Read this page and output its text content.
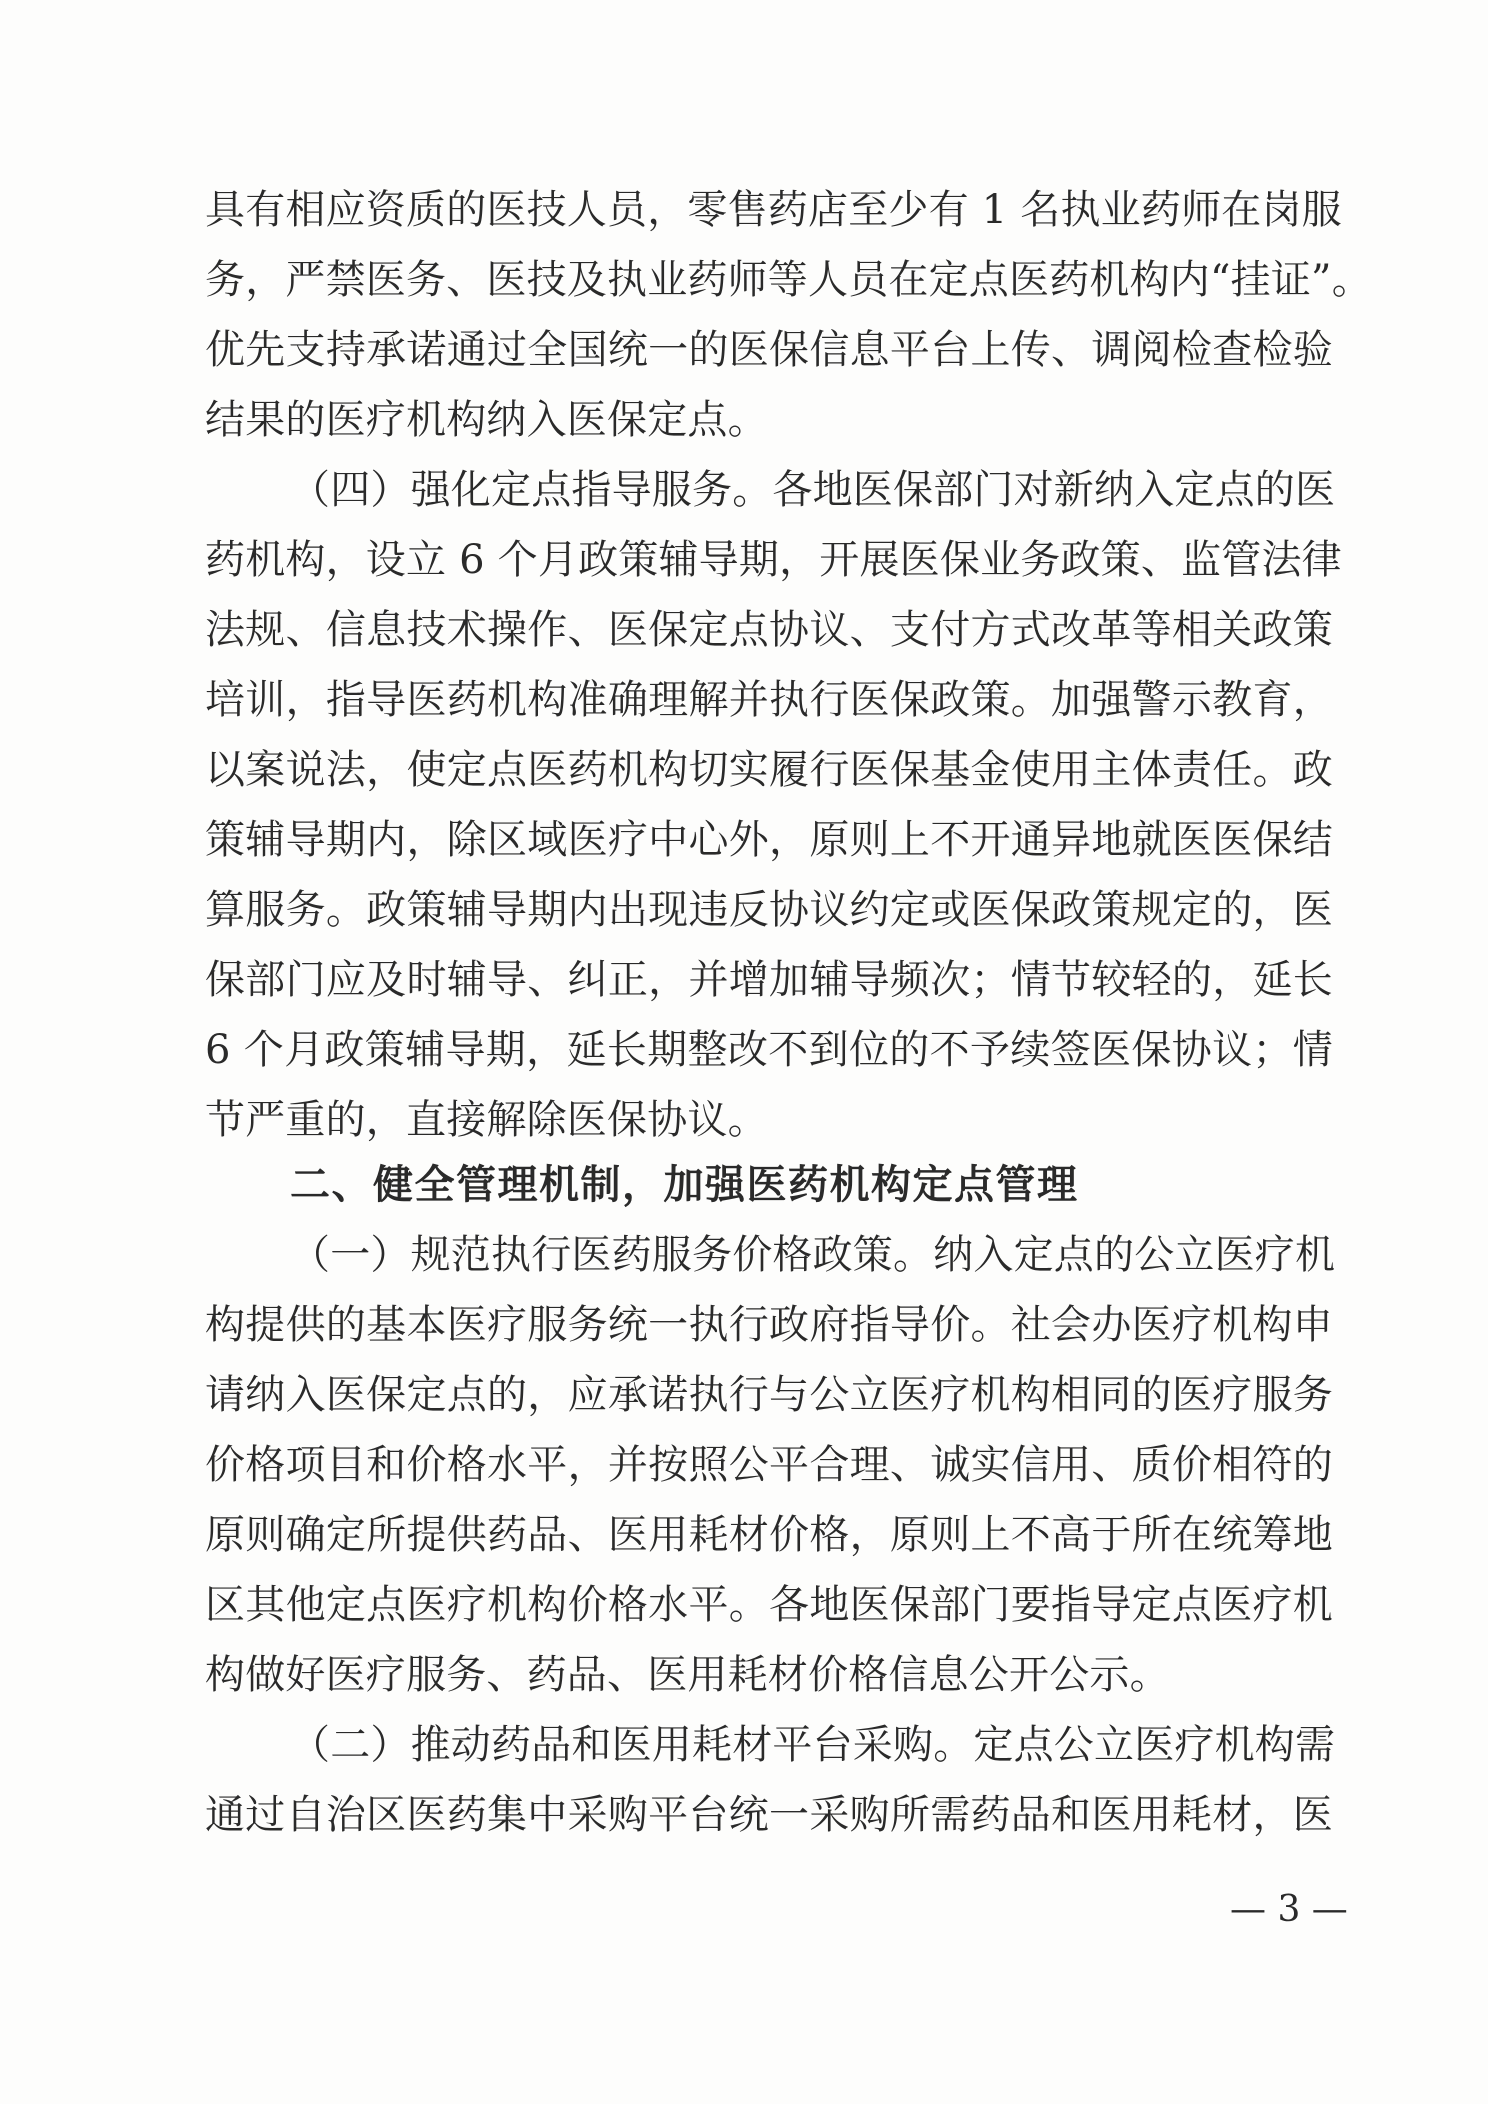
具有相应资质的医技人员，零售药店至少有 1 名执业药师在岗服
务，严禁医务、医技及执业药师等人员在定点医药机构内“挂证”。
优先支持承诺通过全国统一的医保信息平台上传、调阅检查检验
结果的医疗机构纳入医保定点。
（四）强化定点指导服务。各地医保部门对新纳入定点的医
药机构，设立 6 个月政策辅导期，开展医保业务政策、监管法律
法规、信息技术操作、医保定点协议、支付方式改革等相关政策
培训，指导医药机构准确理解并执行医保政策。加强警示教育，
以案说法，使定点医药机构切实履行医保基金使用主体责任。政
策辅导期内，除区域医疗中心外，原则上不开通异地就医医保结
算服务。政策辅导期内出现违反协议约定或医保政策规定的，医
保部门应及时辅导、纠正，并增加辅导频次；情节较轻的，延长
6 个月政策辅导期，延长期整改不到位的不予续签医保协议；情
节严重的，直接解除医保协议。
二、健全管理机制，加强医药机构定点管理
（一）规范执行医药服务价格政策。纳入定点的公立医疗机
构提供的基本医疗服务统一执行政府指导价。社会办医疗机构申
请纳入医保定点的，应承诺执行与公立医疗机构相同的医疗服务
价格项目和价格水平，并按照公平合理、诚实信用、质价相符的
原则确定所提供药品、医用耗材价格，原则上不高于所在统筹地
区其他定点医疗机构价格水平。各地医保部门要指导定点医疗机
构做好医疗服务、药品、医用耗材价格信息公开公示。
（二）推动药品和医用耗材平台采购。定点公立医疗机构需
通过自治区医药集中采购平台统一采购所需药品和医用耗材，医
— 3 —
